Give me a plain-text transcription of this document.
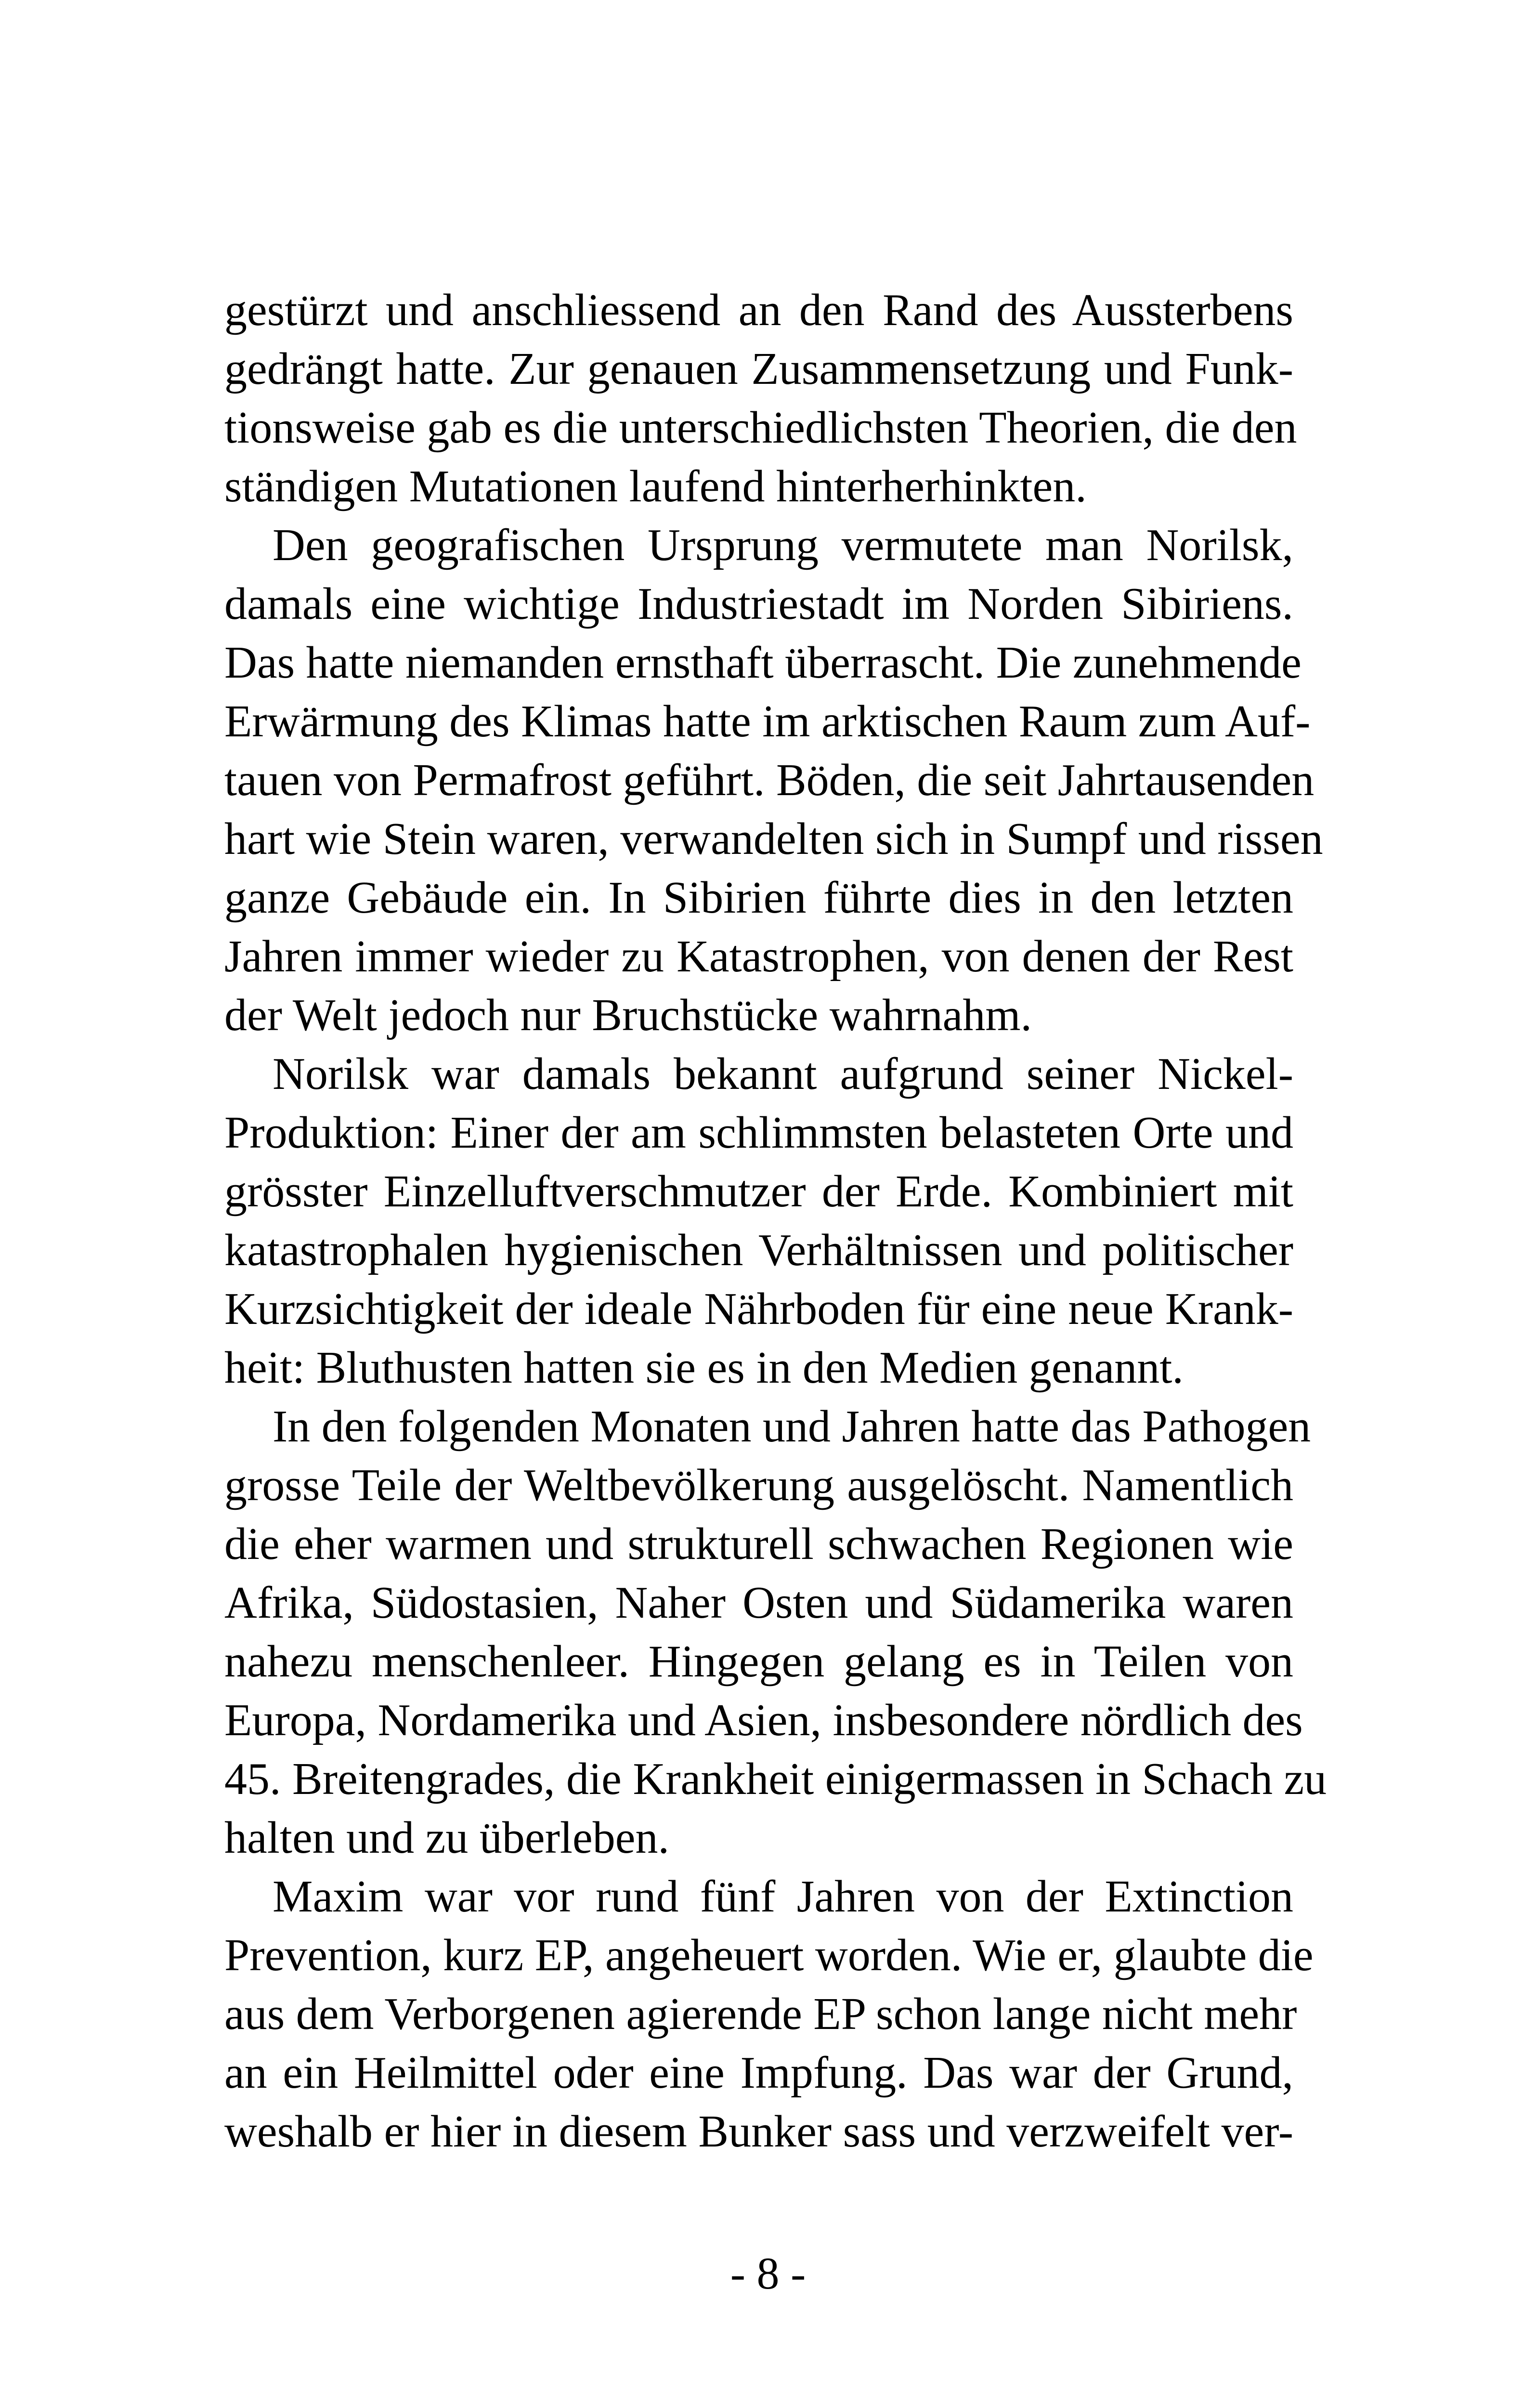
gestürzt und anschliessend an den Rand des Aussterbens
gedrängt hatte. Zur genauen Zusammensetzung und Funk-
tionsweise gab es die unterschiedlichsten Theorien, die den
ständigen Mutationen laufend hinterherhinkten.
Den geografischen Ursprung vermutete man Norilsk,
damals eine wichtige Industriestadt im Norden Sibiriens.
Das hatte niemanden ernsthaft überrascht. Die zunehmende
Erwärmung des Klimas hatte im arktischen Raum zum Auf-
tauen von Permafrost geführt. Böden, die seit Jahrtausenden
hart wie Stein waren, verwandelten sich in Sumpf und rissen
ganze Gebäude ein. In Sibirien führte dies in den letzten
Jahren immer wieder zu Katastrophen, von denen der Rest
der Welt jedoch nur Bruchstücke wahrnahm.
Norilsk war damals bekannt aufgrund seiner Nickel-
Produktion: Einer der am schlimmsten belasteten Orte und
grösster Einzelluftverschmutzer der Erde. Kombiniert mit
katastrophalen hygienischen Verhältnissen und politischer
Kurzsichtigkeit der ideale Nährboden für eine neue Krank-
heit: Bluthusten hatten sie es in den Medien genannt.
In den folgenden Monaten und Jahren hatte das Pathogen
grosse Teile der Weltbevölkerung ausgelöscht. Namentlich
die eher warmen und strukturell schwachen Regionen wie
Afrika, Südostasien, Naher Osten und Südamerika waren
nahezu menschenleer. Hingegen gelang es in Teilen von
Europa, Nordamerika und Asien, insbesondere nördlich des
45. Breitengrades, die Krankheit einigermassen in Schach zu
halten und zu überleben.
Maxim war vor rund fünf Jahren von der Extinction
Prevention, kurz EP, angeheuert worden. Wie er, glaubte die
aus dem Verborgenen agierende EP schon lange nicht mehr
an ein Heilmittel oder eine Impfung. Das war der Grund,
weshalb er hier in diesem Bunker sass und verzweifelt ver-
- 8 -
